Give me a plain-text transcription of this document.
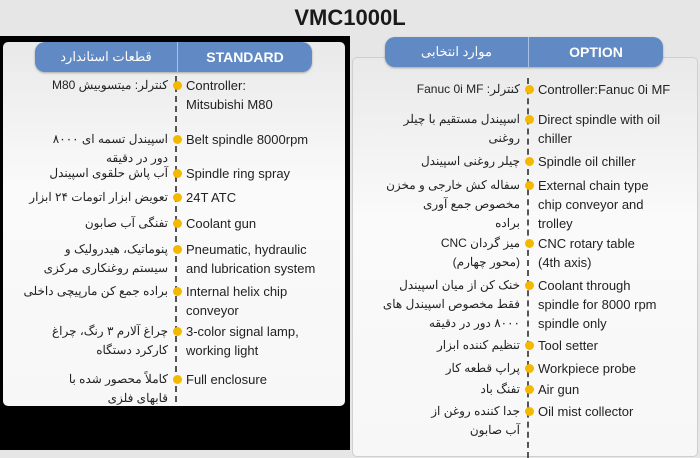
VMC1000L
قطعات استاندارد	STANDARD
کنترلر: میتسوبیش M80 Controller:
Mitsubishi M80
اسپیندل تسمه ای ۸۰۰۰
دور در دقیقه
Belt spindle 8000rpm
آب پاش حلقوی اسپیندل Spindle ring spray
تعویض ابزار اتومات ۲۴ ابزار 24T ATC
تفنگی آب صابون Coolant gun
پنوماتیک، هیدرولیک و
سیستم روغنکاری مرکزی
Pneumatic, hydraulic
and lubrication system
براده جمع کن مارپیچی داخلی Internal helix chip
conveyor
چراغ آلارم ۳ رنگ، چراغ
کارکرد دستگاه
3-color signal lamp,
working light
کاملاً محصور شده با
قابهای فلزی
Full enclosure
کنترلر: Fanuc 0i MF Controller:Fanuc 0i MF
اسپیندل مستقیم با چیلر
روغنی
Direct spindle with oil
chiller
چیلر روغنی اسپیندل Spindle oil chiller
سفاله کش خارجی و مخزن
مخصوص جمع آوری
براده
External chain type
chip conveyor and
trolley
میز گردان CNC
(محور چهارم)
CNC rotary table
(4th axis)
خنک کن از میان اسپیندل
فقط مخصوص اسپیندل های
۸۰۰۰ دور در دقیقه
Coolant through
spindle for 8000 rpm
spindle only
تنظیم کننده ابزار Tool setter
پراپ قطعه کار Workpiece probe
تفنگ باد Air gun
جدا کننده روغن از
آب صابون
Oil mist collector
موارد انتخابی	OPTION
